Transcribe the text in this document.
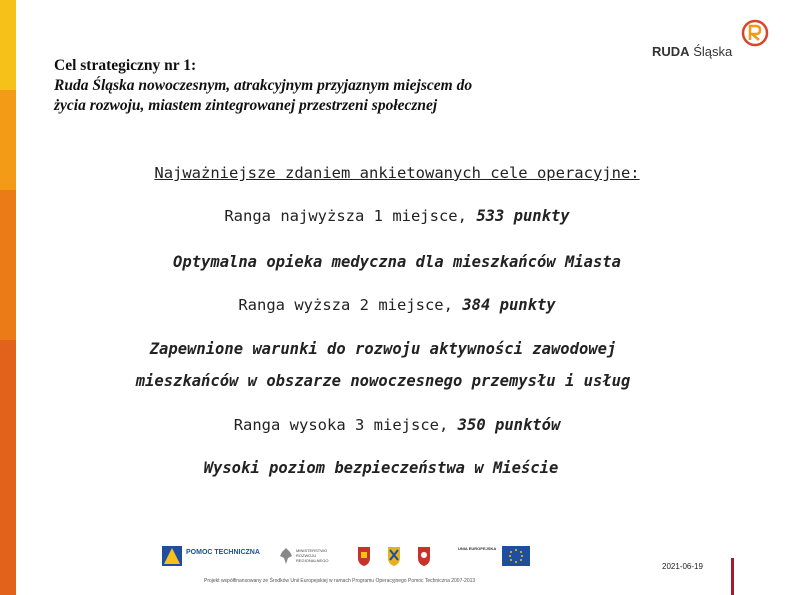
Cel strategiczny nr 1:
Ruda Śląska nowoczesnym, atrakcyjnym przyjaznym miejscem do
życia rozwoju, miastem zintegrowanej przestrzeni społecznej
RUDA Śląska
Najważniejsze zdaniem ankietowanych cele operacyjne:
Ranga najwyższa 1 miejsce, 533 punkty
Optymalna opieka medyczna dla mieszkańców Miasta
Ranga wyższa 2 miejsce, 384 punkty
Zapewnione warunki do rozwoju aktywności zawodowej
mieszkańców w obszarze nowoczesnego przemysłu i usług
Ranga wysoka 3 miejsce, 350 punktów
Wysoki poziom bezpieczeństwa w Mieście
POMOC TECHNICZNA	MINISTERSTWO ROZWOJU REGIONALNEGO
UNIA EUROPEJSKA
Projekt współfinansowany ze Środków Unii Europejskiej w ramach Programu Operacyjnego Pomoc Techniczna 2007-2013
2021-06-19
